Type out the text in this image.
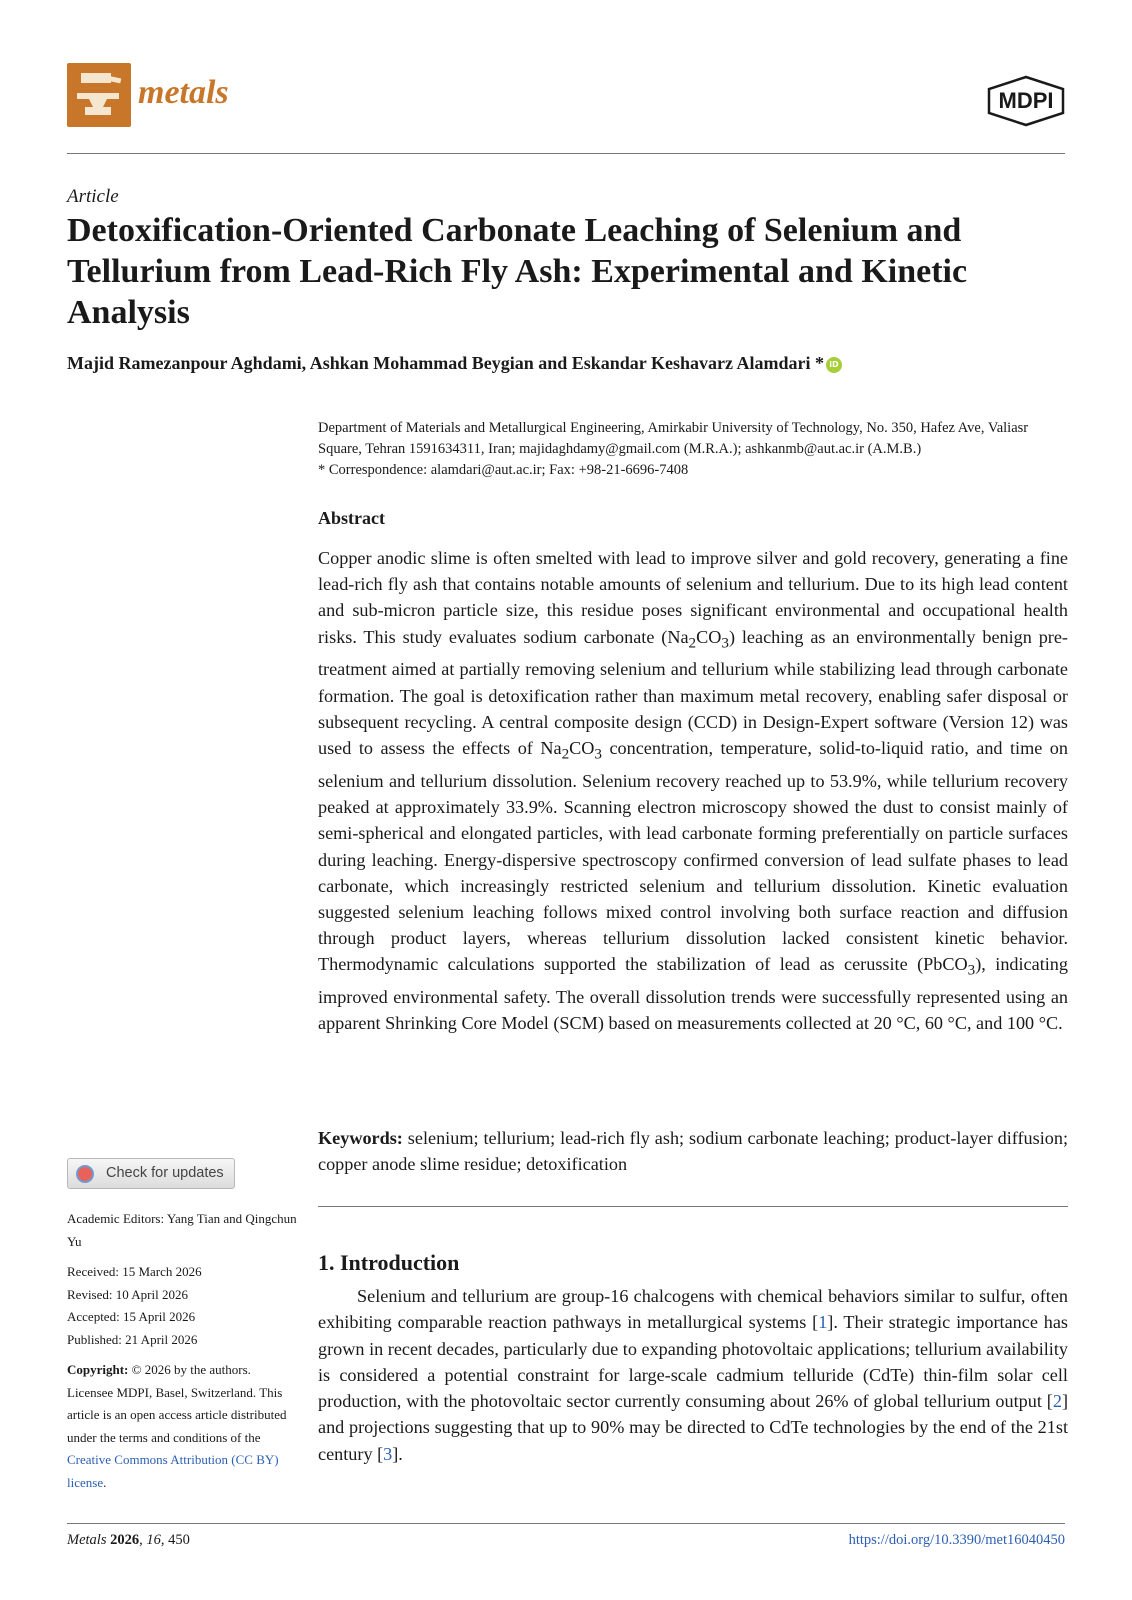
metals	MDPI
Article
Detoxification-Oriented Carbonate Leaching of Selenium and Tellurium from Lead-Rich Fly Ash: Experimental and Kinetic Analysis
Majid Ramezanpour Aghdami, Ashkan Mohammad Beygian and Eskandar Keshavarz Alamdari * iD

Department of Materials and Metallurgical Engineering, Amirkabir University of Technology, No. 350, Hafez Ave, Valiasr Square, Tehran 1591634311, Iran; majidaghdamy@gmail.com (M.R.A.); ashkanmb@aut.ac.ir (A.M.B.)

* Correspondence: alamdari@aut.ac.ir; Fax: +98-21-6696-7408

Abstract

Copper anodic slime is often smelted with lead to improve silver and gold recovery, generating a fine lead-rich fly ash that contains notable amounts of selenium and tellurium. Due to its high lead content and sub-micron particle size, this residue poses significant environmental and occupational health risks. This study evaluates sodium carbonate $(Na_2CO_3)$ leaching as an environmentally benign pre-treatment aimed at partially removing selenium and tellurium while stabilizing lead through carbonate formation. The goal is detoxification rather than maximum metal recovery, enabling safer disposal or subsequent recycling. A central composite design (CCD) in Design-Expert software (Version 12) was used to assess the effects of $Na_2CO_3$ concentration, temperature, solid-to-liquid ratio, and time on selenium and tellurium dissolution. Selenium recovery reached up to 53.9%, while tellurium recovery peaked at approximately 33.9%. Scanning electron microscopy showed the dust to consist mainly of semi-spherical and elongated particles, with lead carbonate forming preferentially on particle surfaces during leaching. Energy-dispersive spectroscopy confirmed conversion of lead sulfate phases to lead carbonate, which increasingly restricted selenium and tellurium dissolution. Kinetic evaluation suggested selenium leaching follows mixed control involving both surface reaction and diffusion through product layers, whereas tellurium dissolution lacked consistent kinetic behavior. Thermodynamic calculations supported the stabilization of lead as cerussite (PbCO$_3$), indicating improved environmental safety. The overall dissolution trends were successfully represented using an apparent Shrinking Core Model (SCM) based on measurements collected at 20 °C, 60 °C, and 100 °C.

Keywords: selenium; tellurium; lead-rich fly ash; sodium carbonate leaching; product-layer diffusion; copper anode slime residue; detoxification

1. Introduction

Selenium and tellurium are group-16 chalcogens with chemical behaviors similar to sulfur, often exhibiting comparable reaction pathways in metallurgical systems [1]. Their strategic importance has grown in recent decades, particularly due to expanding photovoltaic applications; tellurium availability is considered a potential constraint for large-scale cadmium telluride (CdTe) thin-film solar cell production, with the photovoltaic sector currently consuming about 26% of global tellurium output [2] and projections suggesting that up to 90% may be directed to CdTe technologies by the end of the 21st century [3].

Check for updates

Academic Editors: Yang Tian and Qingchun Yu

Received: 15 March 2026

Revised: 10 April 2026

Accepted: 15 April 2026

Published: 21 April 2026

Copyright: © 2026 by the authors. Licensee MDPI, Basel, Switzerland. This article is an open access article distributed under the terms and conditions of the Creative Commons Attribution (CC BY) license.

Metals 2026, 16, 450	https://doi.org/10.3390/met16040450
